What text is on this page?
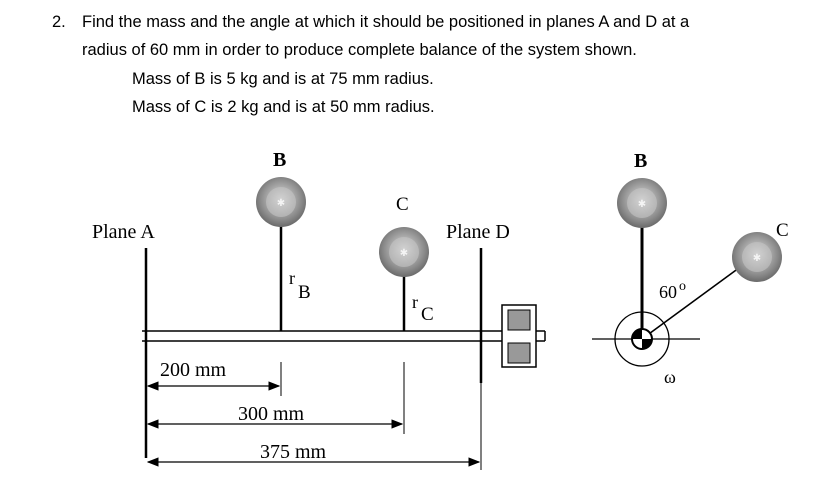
2. Find the mass and the angle at which it should be positioned in planes A and D at a
radius of 60 mm in order to produce complete balance of the system shown.
Mass of B is 5 kg and is at 75 mm radius.
Mass of C is 2 kg and is at 50 mm radius.
✱
✱
Plane A	Plane D
B
C
r
B	r
C
200 mm
300 mm
375 mm
✱
✱
B
C
60 o
ω
